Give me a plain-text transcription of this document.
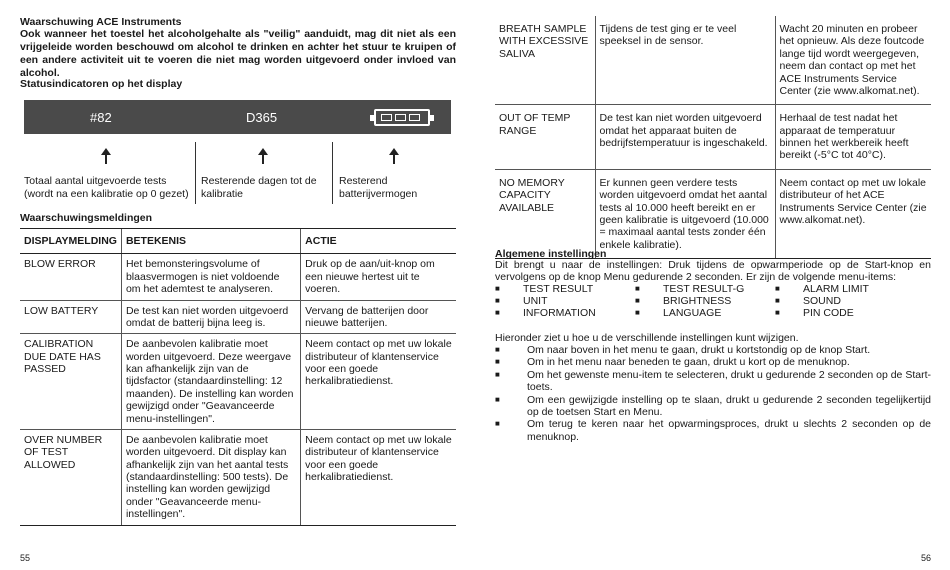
Waarschuwing ACE Instruments
Ook wanneer het toestel het alcoholgehalte als "veilig" aanduidt, mag dit niet als een vrijgeleide worden beschouwd om alcohol te drinken en achter het stuur te kruipen of een andere activiteit uit te voeren die niet mag worden uitgevoerd onder invloed van alcohol.
Statusindicatoren op het display
#82	D365
Totaal aantal uitgevoerde tests (wordt na een kalibratie op 0 gezet)
Resterende dagen tot de kalibratie
Resterend batterijvermogen
Waarschuwingsmeldingen
DISPLAYMELDING	BETEKENIS	ACTIE
BLOW ERROR	Het bemonsteringsvolume of blaasvermogen is niet voldoende om het ademtest te analyseren.	Druk op de aan/uit-knop om een nieuwe hertest uit te voeren.
LOW BATTERY	De test kan niet worden uitgevoerd omdat de batterij bijna leeg is.	Vervang de batterijen door nieuwe batterijen.
CALIBRATION DUE DATE HAS PASSED	De aanbevolen kalibratie moet worden uitgevoerd. Deze weergave kan afhankelijk zijn van de tijdsfactor (standaardinstelling: 12 maanden). De instelling kan worden gewijzigd onder "Geavanceerde menu-instellingen".	Neem contact op met uw lokale distributeur of klantenservice voor een goede herkalibratiedienst.
OVER NUMBER OF TEST ALLOWED	De aanbevolen kalibratie moet worden uitgevoerd. Dit display kan afhankelijk zijn van het aantal tests (standaardinstelling: 500 tests). De instelling kan worden gewijzigd onder "Geavanceerde menu-instellingen".	Neem contact op met uw lokale distributeur of klantenservice voor een goede herkalibratiedienst.
55
BREATH SAMPLE WITH EXCESSIVE SALIVA	Tijdens de test ging er te veel speeksel in de sensor.	Wacht 20 minuten en probeer het opnieuw. Als deze foutcode lange tijd wordt weergegeven, neem dan contact op met het ACE Instruments Service Center (zie www.alkomat.net).
OUT OF TEMP RANGE	De test kan niet worden uitgevoerd omdat het apparaat buiten de bedrijfstemperatuur is ingeschakeld.	Herhaal de test nadat het apparaat de temperatuur binnen het werkbereik heeft bereikt (-5°C tot 40°C).
NO MEMORY CAPACITY AVAILABLE	Er kunnen geen verdere tests worden uitgevoerd omdat het aantal tests al 10.000 heeft bereikt en er geen kalibratie is uitgevoerd (10.000 = maximaal aantal tests zonder één enkele kalibratie).	Neem contact op met uw lokale distributeur of het ACE Instruments Service Center (zie www.alkomat.net).
Algemene instellingen
Dit brengt u naar de instellingen: Druk tijdens de opwarmperiode op de Start-knop en vervolgens op de knop Menu gedurende 2 seconden. Er zijn de volgende menu-items:
■	TEST RESULT	■	TEST RESULT-G	■	ALARM LIMIT
■	UNIT	■	BRIGHTNESS	■	SOUND
■	INFORMATION	■	LANGUAGE	■	PIN CODE
Hieronder ziet u hoe u de verschillende instellingen kunt wijzigen.
■	Om naar boven in het menu te gaan, drukt u kortstondig op de knop Start.
■	Om in het menu naar beneden te gaan, drukt u kort op de menuknop.
■	Om het gewenste menu-item te selecteren, drukt u gedurende 2 seconden op de Start-toets.
■	Om een gewijzigde instelling op te slaan, drukt u gedurende 2 seconden tegelijkertijd op de toetsen Start en Menu.
■	Om terug te keren naar het opwarmingsproces, drukt u slechts 2 seconden op de menuknop.
56
